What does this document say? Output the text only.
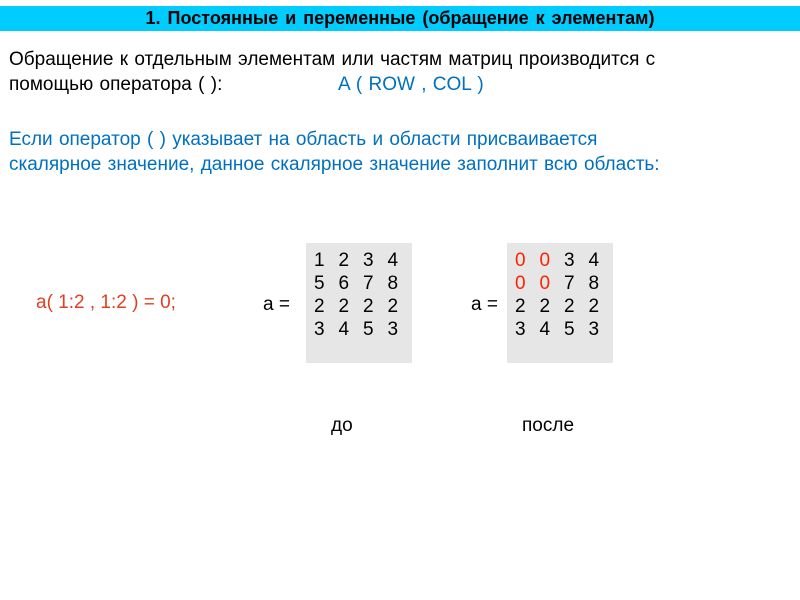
1. Постоянные и переменные (обращение к элементам)
Обращение к отдельным элементам или частям матриц производится с
помощью оператора ( ):	A ( ROW , COL )
Если оператор ( ) указывает на область и области присваивается
скалярное значение, данное скалярное значение заполнит всю область:
a( 1:2 , 1:2 ) = 0;	a =
1 2 3 4
5 6 7 8
2 2 2 2
3 4 5 3
a =
0 0 3 4
0 0 7 8
2 2 2 2
3 4 5 3
до	после
